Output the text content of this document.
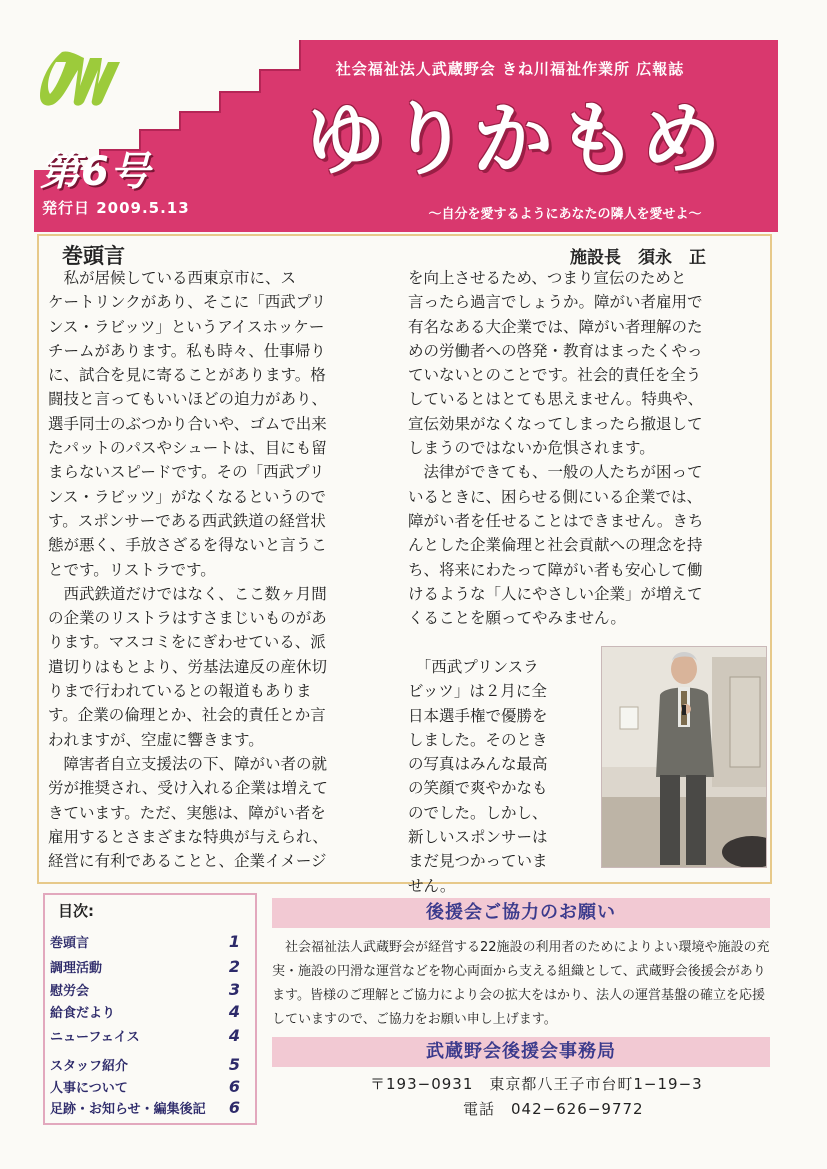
社会福祉法人武蔵野会 きね川福祉作業所 広報誌
第6号
発行日 2009.5.13
ゆりかもめ
〜自分を愛するようにあなたの隣人を愛せよ〜
巻頭言	施設長　須永　正
　私が居候している西東京市に、ス
ケートリンクがあり、そこに「西武プリ
ンス・ラビッツ」というアイスホッケー
チームがあります。私も時々、仕事帰り
に、試合を見に寄ることがあります。格
闘技と言ってもいいほどの迫力があり、
選手同士のぶつかり合いや、ゴムで出来
たパットのパスやシュートは、目にも留
まらないスピードです。その「西武プリ
ンス・ラビッツ」がなくなるというので
す。スポンサーである西武鉄道の経営状
態が悪く、手放さざるを得ないと言うこ
とです。リストラです。
　西武鉄道だけではなく、ここ数ヶ月間
の企業のリストラはすさまじいものがあ
ります。マスコミをにぎわせている、派
遣切りはもとより、労基法違反の産休切
りまで行われているとの報道もありま
す。企業の倫理とか、社会的責任とか言
われますが、空虚に響きます。
　障害者自立支援法の下、障がい者の就
労が推奨され、受け入れる企業は増えて
きています。ただ、実態は、障がい者を
雇用するとさまざまな特典が与えられ、
経営に有利であることと、企業イメージ
を向上させるため、つまり宣伝のためと
言ったら過言でしょうか。障がい者雇用で
有名なある大企業では、障がい者理解のた
めの労働者への啓発・教育はまったくやっ
ていないとのことです。社会的責任を全う
しているとはとても思えません。特典や、
宣伝効果がなくなってしまったら撤退して
しまうのではないか危惧されます。
　法律ができても、一般の人たちが困って
いるときに、困らせる側にいる企業では、
障がい者を任せることはできません。きち
んとした企業倫理と社会貢献への理念を持
ち、将来にわたって障がい者も安心して働
けるような「人にやさしい企業」が増えて
くることを願ってやみません。
　「西武プリンスラ
ビッツ」は２月に全
日本選手権で優勝を
しました。そのとき
の写真はみんな最高
の笑顔で爽やかなも
のでした。しかし、
新しいスポンサーは
まだ見つかっていま
せん。
目次:
巻頭言	1
調理活動	2
慰労会	3
給食だより	4
ニューフェイス	4
スタッフ紹介	5
人事について	6
足跡・お知らせ・編集後記 6
後援会ご協力のお願い
　社会福祉法人武蔵野会が経営する22施設の利用者のためによりよい環境や施設の充実・施設の円滑な運営などを物心両面から支える組織として、武蔵野会後援会があります。皆様のご理解とご協力により会の拡大をはかり、法人の運営基盤の確立を応援していますので、ご協力をお願い申し上げます。
武蔵野会後援会事務局
〒193−0931　東京都八王子市台町1−19−3
電話　042−626−9772
